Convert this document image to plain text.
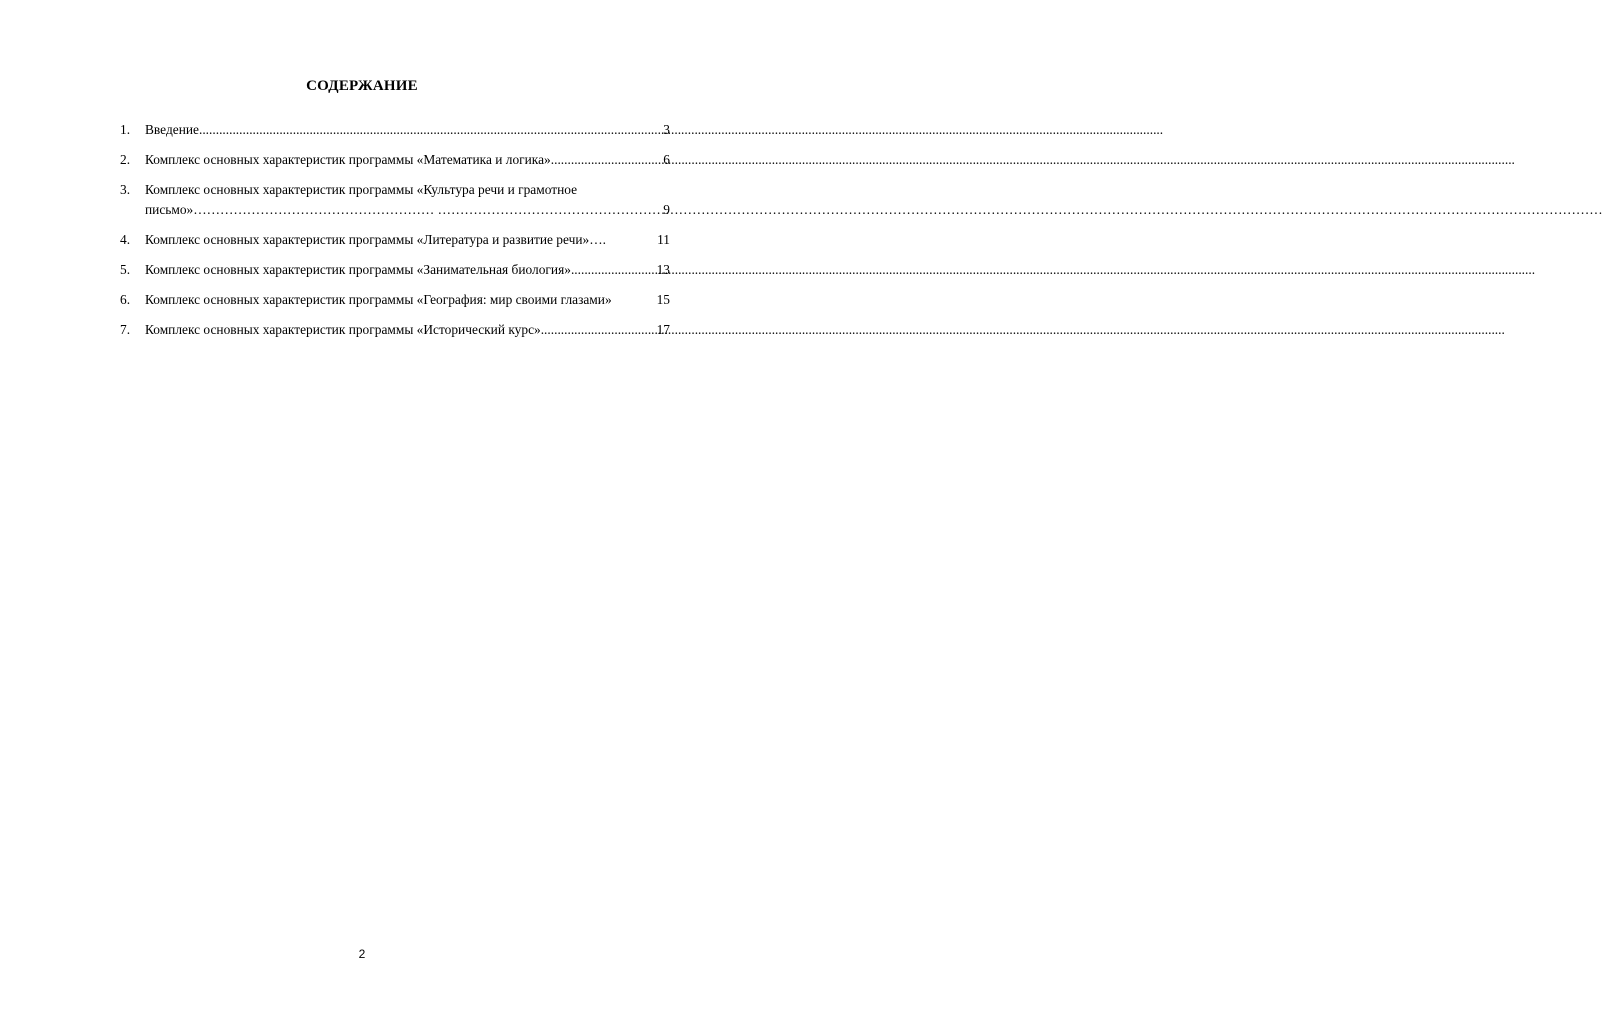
СОДЕРЖАНИЕ
1. Введение .....	3
2. Комплекс основных характеристик программы «Математика и логика» .....	6
3. Комплекс основных характеристик программы «Культура речи и грамотное
письмо»……………………………………………… …………………………… …………………………………………………………………………………………………………………………………………………………………………………………………………	9
4. Комплекс основных характеристик программы «Литература и развитие речи»….	11
5. Комплекс основных характеристик программы «Занимательная биология» .....	13
6. Комплекс основных характеристик программы «География: мир своими глазами»	15
7. Комплекс основных характеристик программы «Исторический курс» .....	17
2
